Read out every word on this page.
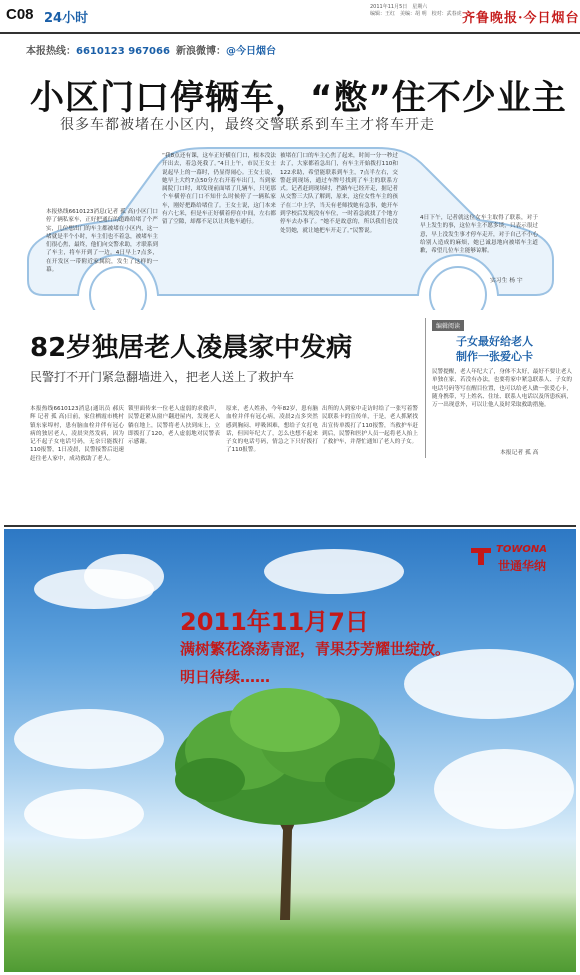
C08 24小时
2011年11月5日　星期六
编辑：王红　美编：胡 明　校对：武春虎 齐鲁晚报·今日烟台
本报热线：6610123 967066 新浪微博：@今日烟台
小区门口停辆车，“憋”住不少业主
很多车都被堵在小区内，最终交警联系到车主才将车开走
本报热线6610123消息(记者 孤 高)小区门口停了辆私家车，正好把通行的道路给堵了个严实，几位想出门的车主都被堵在小区内，这一堵就是半个小时，车主们也不着急，被堵车主们很心焦，最终，他们向交警求助，才联系到了车主，将车开到了一边。4日早上7点多，在开发区一带附近家属院，发生了这样的一幕。
“我8点还有课，这车正好横在门口，根本没法开出去，着急死我了。”4日上午，市民王女士说起早上的一幕时，仍显得闹心。王女士说，她早上大约7点50分左右开着车出门，当到家属院门口时，却发现前面堵了几辆车，只见那个车横停在门口不知什么时候停了一辆私家车，刚好把路给堵住了。王女士说，这门本来有六七米，但是车正好横着停在中间，左右都留了空隙，却都不足以让其他车通行。
被堵在门口的车主心焦了起来，时间一分一秒过去了，大家都着急出门，有车主开始拨打110和122求助，希望能联系到车主，7点半左右，交警赶到现场，通过车牌号找到了车主的联系方式。记者赶到现场时，挡路车已经开走，据记者从交警三大队了解到，原来，这位女性车主的孩子在二中上学，当天有老师找她有急事，她开车到学校后发现没有车位，一时着急就找了个地方停车去办事了。“她不是故意的，所以我们也没处罚她，就让她把车开走了。”民警说。
4日下午，记者就这位女车主取得了联系，对于早上发生的事，这位车主不愿多谈，只表示很过意，早上没发生事才停车走开，对于自己不小心给别人造成的麻烦，她已诚恳地向被堵车主道歉，希望几位车主能够谅解。
实习生 杨 宇
82岁独居老人凌晨家中发病
民警打不开门紧急翻墙进入，把老人送上了救护车
本报热线6610123消息(通讯员 郝庆辉 记者 孤 高)日前，家住栖霞市桃村镇东家埠村，患有脑血栓并伴有冠心病的独居老人，凌晨突然发病，因为记不起子女电话号码，无奈只能拨打110报警，1日凌晨，民警接警后迅速赶往老人家中，成功救助了老人。
锁里面传来一位老人虚弱的求救声，民警赶紧从窗户翻进屋内，发现老人躺在地上，民警将老人扶到床上，立即拨打了120，老人虚弱地对民警表示感谢。
原来，老人姓孙，今年82岁，患有脑血栓并伴有冠心病，凌晨2点多突然感到胸闷、呼吸困难，想给子女打电话，但因年纪大了，怎么也想不起来子女的电话号码，情急之下只好拨打了110报警。
出所的人到家中走访时给了一张写着警民联系卡的宣传单，于是，老人抓紧找出宣传单拨打了110报警，当救护车赶到后，民警和医护人员一起将老人抬上了救护车，并帮忙通知了老人的子女。
编辑阅读
子女最好给老人
制作一张爱心卡
民警提醒，老人年纪大了，身体不太好，最好不要让老人单独在家，若没有办法，也要将家中紧急联系人、子女的电话号码等写在醒目位置，也可以给老人做一张爱心卡，随身携带，写上姓名、住址、联系人电话以及所患疾病，万一出现意外，可以让他人及时采取救助措施。
本报记者 孤 高
TOWONA
世通华纳
2011年11月7日
满树繁花涤荡青涩，青果芬芳耀世绽放。
明日待续……
